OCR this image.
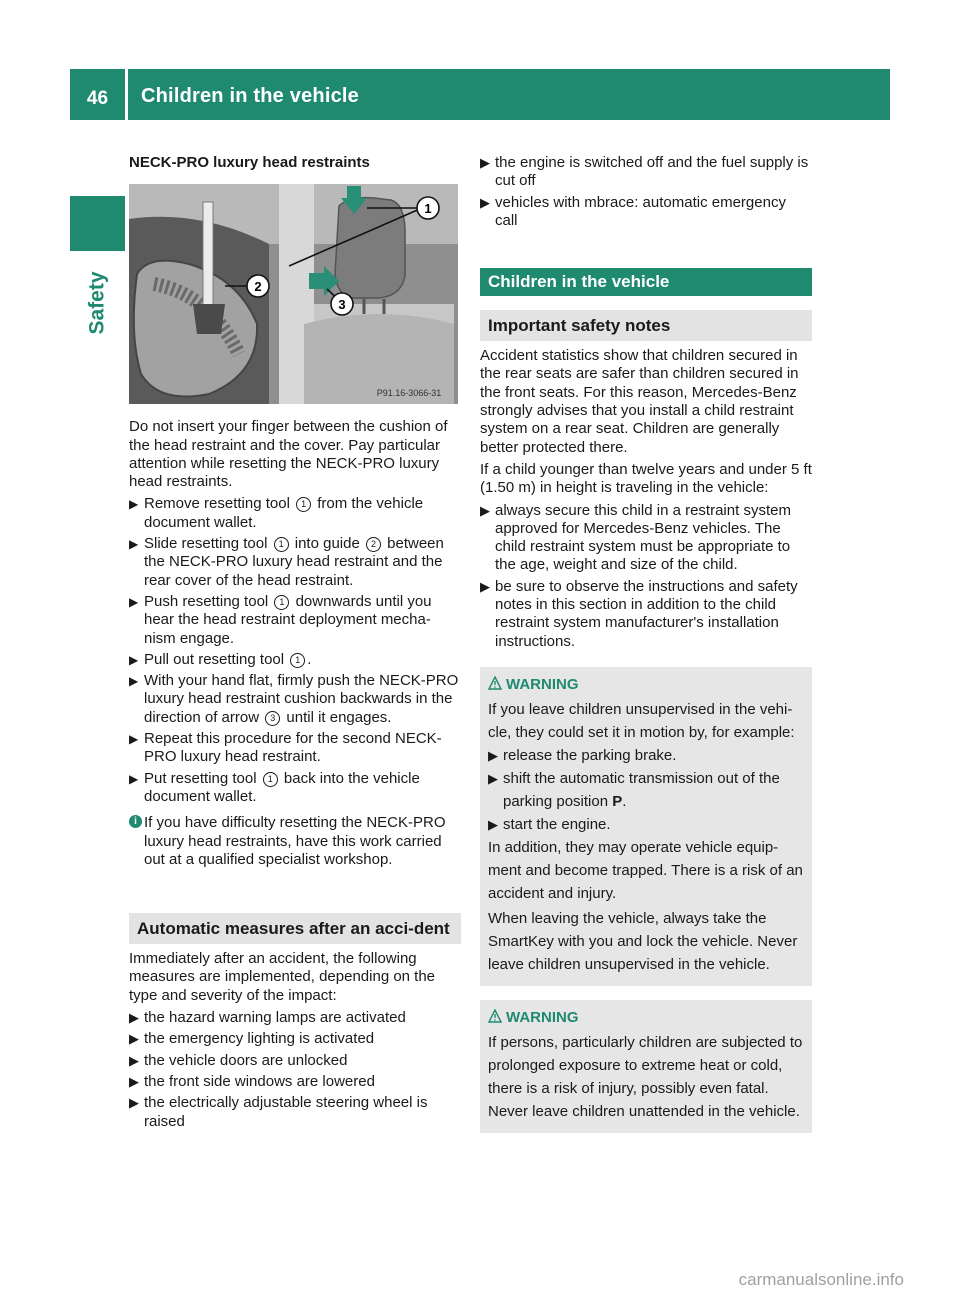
46	Children in the vehicle
Safety
NECK-PRO luxury head restraints
1
2
3
P91.16-3066-31

Do not insert your finger between the cushion of the head restraint and the cover. Pay particular attention while resetting the NECK-PRO luxury head restraints.

▶ Remove resetting tool 1 from the vehicle document wallet.
▶ Slide resetting tool 1 into guide 2 between the NECK-PRO luxury head restraint and the rear cover of the head restraint.
▶ Push resetting tool 1 downwards until you hear the head restraint deployment mecha-nism engage.
▶ Pull out resetting tool 1 .
▶ With your hand flat, firmly push the NECK-PRO luxury head restraint cushion backwards in the direction of arrow 3 until it engages.
▶ Repeat this procedure for the second NECK-PRO luxury head restraint.
▶ Put resetting tool 1 back into the vehicle document wallet.
i If you have difficulty resetting the NECK-PRO luxury head restraints, have this work carried out at a qualified specialist workshop.
Automatic measures after an acci-dent

Immediately after an accident, the following measures are implemented, depending on the type and severity of the impact:

▶ the hazard warning lamps are activated
▶ the emergency lighting is activated
▶ the vehicle doors are unlocked
▶ the front side windows are lowered
▶ the electrically adjustable steering wheel is raised
▶ the engine is switched off and the fuel supply is cut off
▶ vehicles with mbrace: automatic emergency call
Children in the vehicle
Important safety notes

Accident statistics show that children secured in the rear seats are safer than children secured in the front seats. For this reason, Mercedes-Benz strongly advises that you install a child restraint system on a rear seat. Children are generally better protected there.

If a child younger than twelve years and under 5 ft (1.50 m) in height is traveling in the vehicle:

▶ always secure this child in a restraint system approved for Mercedes-Benz vehicles. The child restraint system must be appropriate to the age, weight and size of the child.
▶ be sure to observe the instructions and safety notes in this section in addition to the child restraint system manufacturer's installation instructions.
WARNING

If you leave children unsupervised in the vehi-cle, they could set it in motion by, for example:

▶ release the parking brake.
▶ shift the automatic transmission out of the parking position P.
▶ start the engine.

In addition, they may operate vehicle equip-ment and become trapped. There is a risk of an accident and injury.

When leaving the vehicle, always take the SmartKey with you and lock the vehicle. Never leave children unsupervised in the vehicle.

WARNING

If persons, particularly children are subjected to prolonged exposure to extreme heat or cold, there is a risk of injury, possibly even fatal. Never leave children unattended in the vehicle.

carmanualsonline.info
